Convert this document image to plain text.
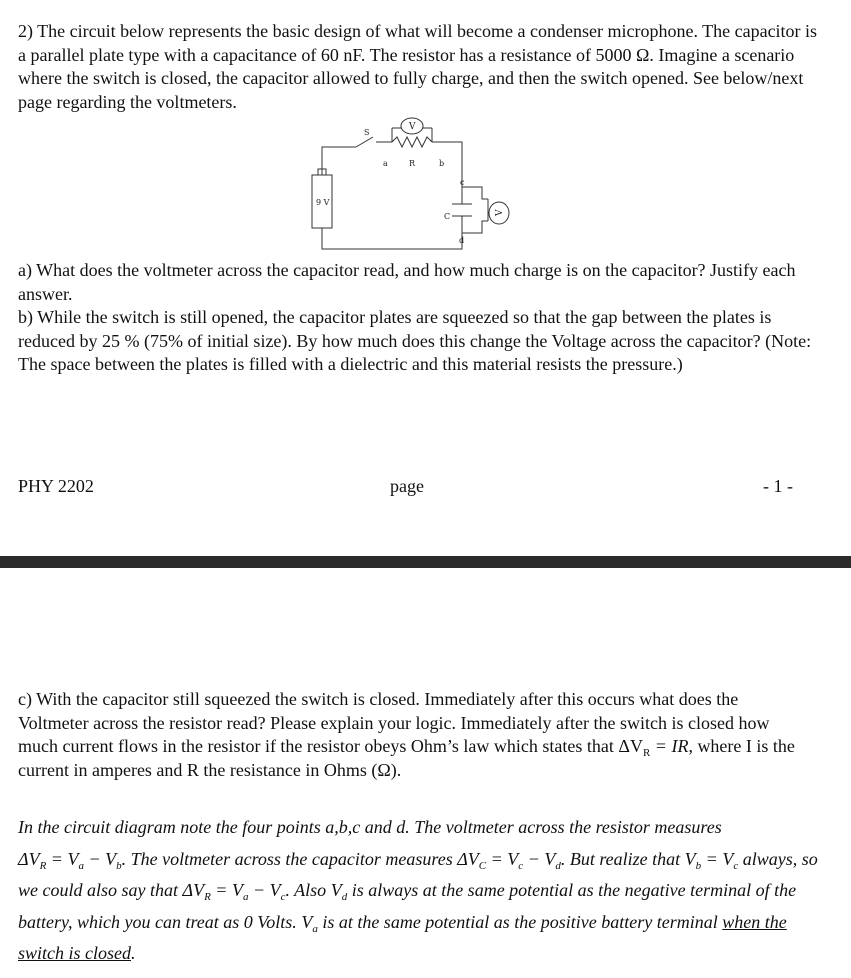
2) The circuit below represents the basic design of what will become a condenser microphone. The capacitor is a parallel plate type with a capacitance of 60 nF. The resistor has a resistance of 5000 Ω. Imagine a scenario where the switch is closed, the capacitor allowed to fully charge, and then the switch opened. See below/next page regarding the voltmeters.

S
V
9 V
a	R	b
c
C
d
V
a) What does the voltmeter across the capacitor read, and how much charge is on the capacitor? Justify each answer.
b) While the switch is still opened, the capacitor plates are squeezed so that the gap between the plates is reduced by 25 % (75% of initial size). By how much does this change the Voltage across the capacitor? (Note: The space between the plates is filled with a dielectric and this material resists the pressure.)
PHY 2202	page	- 1 -

c) With the capacitor still squeezed the switch is closed. Immediately after this occurs what does the Voltmeter across the resistor read? Please explain your logic. Immediately after the switch is closed how much current flows in the resistor if the resistor obeys Ohm’s law which states that $\Delta V_R$ = IR, where I is the current in amperes and R the resistance in Ohms (Ω).

In the circuit diagram note the four points a,b,c and d. The voltmeter across the resistor measures $\Delta V_R = V_a - V_b$. The voltmeter across the capacitor measures $\Delta V_C = V_c - V_d$. But realize that $V_b = V_c$ always, so we could also say that $\Delta V_R = V_a - V_c$. Also $V_d$ is always at the same potential as the negative terminal of the battery, which you can treat as 0 Volts. $V_a$ is at the same potential as the positive battery terminal when the switch is closed.
